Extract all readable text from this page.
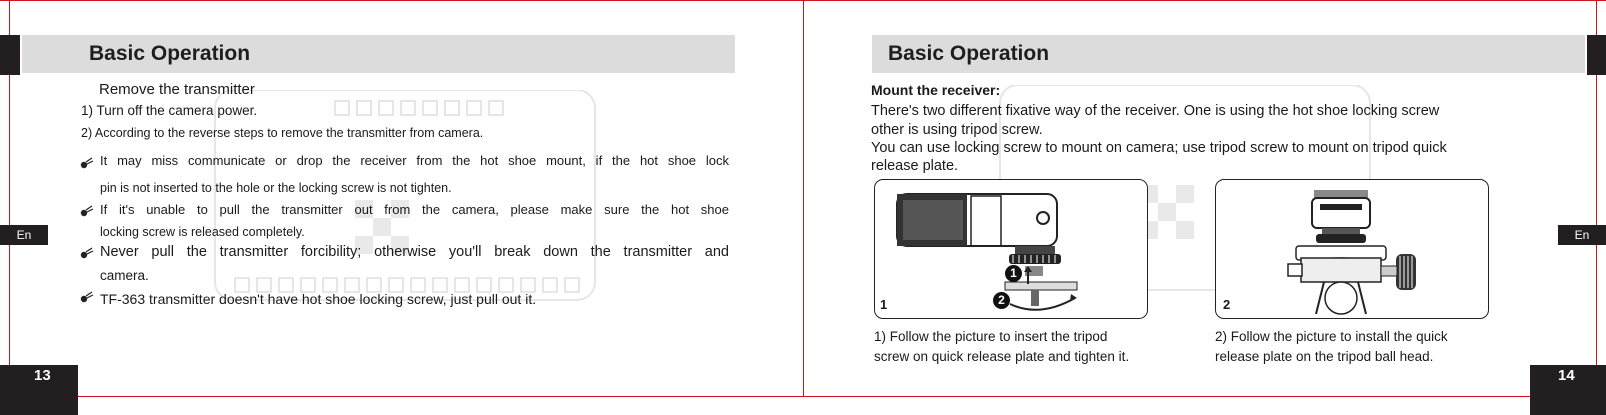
Basic Operation
En
13
Remove the transmitter
1) Turn off the camera power.
2) According to the reverse steps to remove the transmitter from camera.
It may miss communicate or drop the receiver from the hot shoe mount, if the hot shoe lock
pin is not inserted to the hole or the locking screw is not tighten.
If it's unable to pull the transmitter out from the camera, please make sure the hot shoe
locking screw is released completely.
Never pull the transmitter forcibility; otherwise you'll break down the transmitter and
camera.
TF-363 transmitter doesn't have hot shoe locking screw, just pull out it.
Basic Operation
En
14
Mount the receiver:
There's two different fixative way of the receiver. One is using the hot shoe locking screw
other is using tripod screw.
You can use locking screw to mount on camera; use tripod screw to mount on tripod quick
release plate.
1
2
1	2
1) Follow the picture to insert the tripod
screw on quick release plate and tighten it.
2) Follow the picture to install the quick
release plate on the tripod ball head.
